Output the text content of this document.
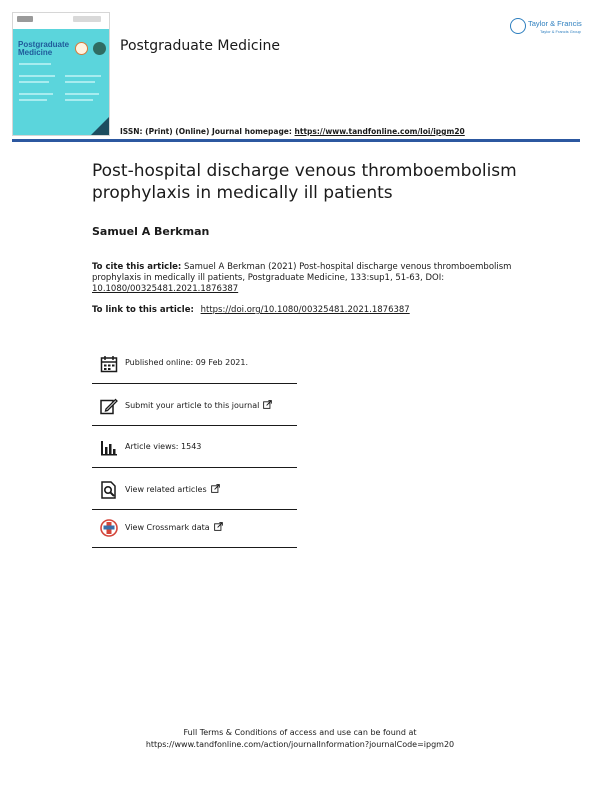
Postgraduate
Medicine	Postgraduate Medicine
Taylor & Francis
Taylor & Francis Group
ISSN: (Print) (Online) Journal homepage: https://www.tandfonline.com/loi/ipgm20
Post-hospital discharge venous thromboembolism prophylaxis in medically ill patients
Samuel A Berkman
To cite this article: Samuel A Berkman (2021) Post-hospital discharge venous thromboembolism prophylaxis in medically ill patients, Postgraduate Medicine, 133:sup1, 51-63, DOI:
10.1080/00325481.2021.1876387
To link to this article: https://doi.org/10.1080/00325481.2021.1876387
Published online: 09 Feb 2021.
Submit your article to this journal
Article views: 1543
View related articles
View Crossmark data
Full Terms & Conditions of access and use can be found at
https://www.tandfonline.com/action/journalInformation?journalCode=ipgm20
